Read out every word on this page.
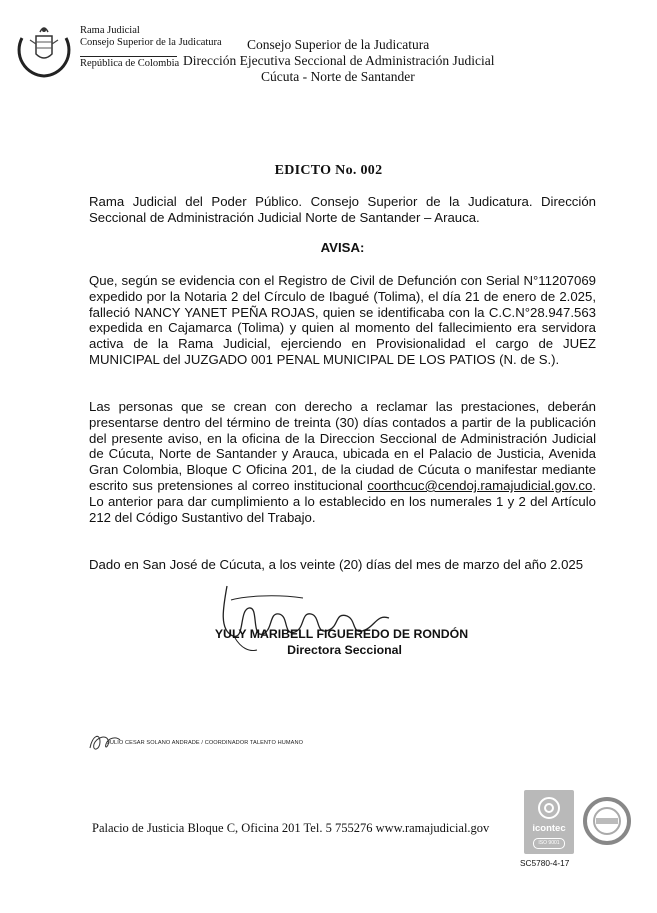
Rama Judicial
Consejo Superior de la Judicatura
República de Colombia
Consejo Superior de la Judicatura
Dirección Ejecutiva Seccional de Administración Judicial
Cúcuta - Norte de Santander
EDICTO No. 002
Rama Judicial del Poder Público. Consejo Superior de la Judicatura. Dirección Seccional de Administración Judicial Norte de Santander – Arauca.
AVISA:
Que, según se evidencia con el Registro de Civil de Defunción con Serial N°11207069 expedido por la Notaria 2 del Círculo de Ibagué (Tolima), el día 21 de enero de 2.025, falleció NANCY YANET PEÑA ROJAS, quien se identificaba con la C.C.N°28.947.563 expedida en Cajamarca (Tolima) y quien al momento del fallecimiento era servidora activa de la Rama Judicial, ejerciendo en Provisionalidad el cargo de JUEZ MUNICIPAL del JUZGADO 001 PENAL MUNICIPAL DE LOS PATIOS (N. de S.).
Las personas que se crean con derecho a reclamar las prestaciones, deberán presentarse dentro del término de treinta (30) días contados a partir de la publicación del presente aviso, en la oficina de la Direccion Seccional de Administración Judicial de Cúcuta, Norte de Santander y Arauca, ubicada en el Palacio de Justicia, Avenida Gran Colombia, Bloque C Oficina 201, de la ciudad de Cúcuta o manifestar mediante escrito sus pretensiones al correo institucional coorthcuc@cendoj.ramajudicial.gov.co. Lo anterior para dar cumplimiento a lo establecido en los numerales 1 y 2 del Artículo 212 del Código Sustantivo del Trabajo.
Dado en San José de Cúcuta, a los veinte (20) días del mes de marzo del año 2.025
YULY MARIBELL FIGUEREDO DE RONDÓN
Directora Seccional
JULIO CESAR SOLANO ANDRADE / COORDINADOR TALENTO HUMANO
Palacio de Justicia Bloque C, Oficina 201 Tel. 5 755276 www.ramajudicial.gov	icontec
ISO 9001
SC5780-4-17
